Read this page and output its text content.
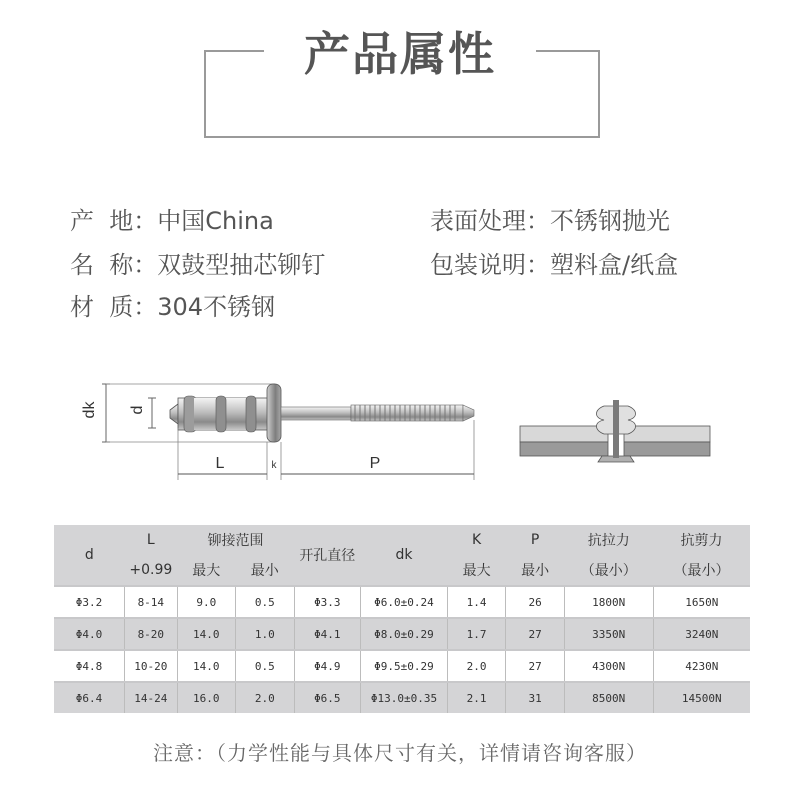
产品属性
产  地：中国China	表面处理：不锈钢抛光
名  称：双鼓型抽芯铆钉	包装说明：塑料盒/纸盒
材  质：304不锈钢
dk d
L	k	P
d	L	铆接范围		开孔直径	dk	K	P	抗拉力	抗剪力
	+0.99	最大	最小			最大	最小	（最小）	（最小）
Φ3.2	8-14	9.0	0.5	Φ3.3	Φ6.0±0.24	1.4	26	1800N	1650N
Φ4.0	8-20	14.0	1.0	Φ4.1	Φ8.0±0.29	1.7	27	3350N	3240N
Φ4.8	10-20	14.0	0.5	Φ4.9	Φ9.5±0.29	2.0	27	4300N	4230N
Φ6.4	14-24	16.0	2.0	Φ6.5	Φ13.0±0.35	2.1	31	8500N	14500N
注意：（力学性能与具体尺寸有关，详情请咨询客服）
